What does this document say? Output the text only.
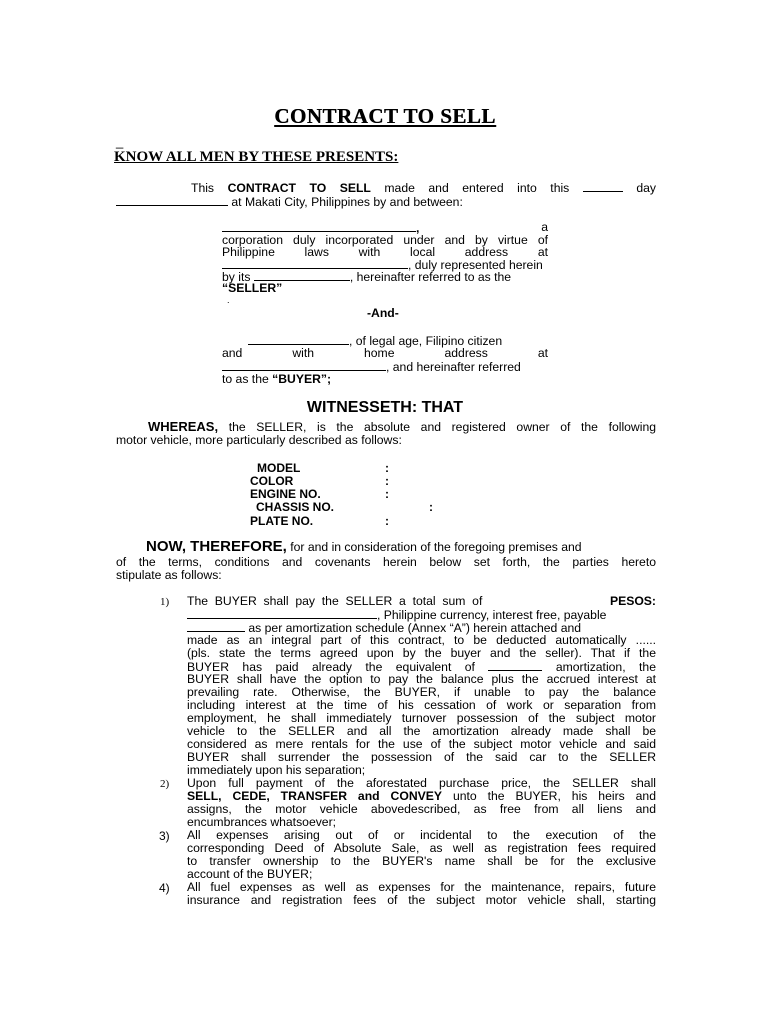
CONTRACT TO SELL
_
KNOW ALL MEN BY THESE PRESENTS:
This CONTRACT TO SELL made and entered into this	day
at Makati City, Philippines by and between:
,	a
corporation duly incorporated under and by virtue of
Philippine laws with local address at
, duly represented herein
by its	, hereinafter referred to as the
“SELLER”
.
-And-
, of legal age, Filipino citizen
and	with	home	address	at
, and hereinafter referred
to as the “BUYER”;
WITNESSETH: THAT
WHEREAS, the SELLER, is the absolute and registered owner of the following
motor vehicle, more particularly described as follows:
MODEL	:
COLOR	:
ENGINE NO.	:
CHASSIS NO.	:
PLATE NO.	:
NOW, THEREFORE, for and in consideration of the foregoing premises and
of the terms, conditions and covenants herein below set forth, the parties hereto
stipulate as follows:
1) The  BUYER  shall  pay  the  SELLER  a  total  sum  of	PESOS:
, Philippine currency, interest free, payable
as per amortization schedule (Annex “A”) herein attached and
made as an integral part of this contract, to be deducted automatically ......
(pls. state the terms agreed upon by the buyer and the seller). That if the
BUYER has paid already the equivalent of	amortization, the
BUYER shall have the option to pay the balance plus the accrued interest at
prevailing rate. Otherwise, the BUYER, if unable to pay the balance
including interest at the time of his cessation of work or separation from
employment, he shall immediately turnover possession of the subject motor
vehicle to the SELLER and all the amortization already made shall be
considered as mere rentals for the use of the subject motor vehicle and said
BUYER shall surrender the possession of the said car to the SELLER
immediately upon his separation;
2) Upon full payment of the aforestated purchase price, the SELLER shall
SELL, CEDE, TRANSFER and CONVEY unto the BUYER, his heirs and
assigns, the motor vehicle abovedescribed, as free from all liens and
encumbrances whatsoever;
3) All expenses arising out of or incidental to the execution of the
corresponding Deed of Absolute Sale, as well as registration fees required
to transfer ownership to the BUYER's name shall be for the exclusive
account of the BUYER;
4) All fuel expenses as well as expenses for the maintenance, repairs, future
insurance and registration fees of the subject motor vehicle shall, starting
